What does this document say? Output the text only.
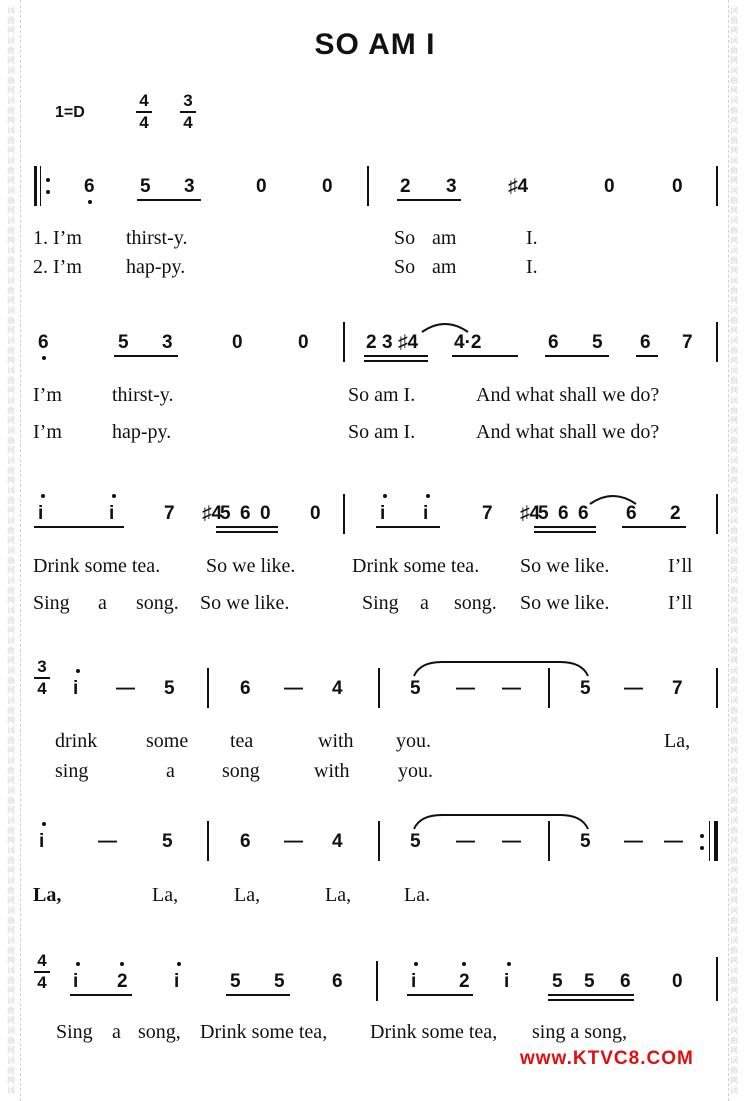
词
曲
网
词
曲
网
词
曲
网
词
曲
网
词
曲
网
词
曲
网
词
曲
网
词
曲
网
词
曲
网
词
曲
网
词
曲
网
词
曲
网
词
曲
网
词
曲
网
词
曲
网
词
曲
网
词
曲
网
词
曲
网
词
曲
网
词
曲
网
词
曲
网
词
曲
网
词
曲
网
词
曲
网
词
曲
网
词
曲
网
词
曲
网
词
曲
网
词
曲
网
词
曲
网
词
曲
网
词
曲
网
词
曲
网
词
曲
网
词
曲
网
词
曲
网
词
词
曲
网
词
曲
网
词
曲
网
词
曲
网
词
曲
网
词
曲
网
词
曲
网
词
曲
网
词
曲
网
词
曲
网
词
曲
网
词
曲
网
词
曲
网
词
曲
网
词
曲
网
词
曲
网
词
曲
网
词
曲
网
词
曲
网
词
曲
网
词
曲
网
词
曲
网
词
曲
网
词
曲
网
词
曲
网
词
曲
网
词
曲
网
词
曲
网
词
曲
网
词
曲
网
词
曲
网
词
曲
网
词
曲
网
词
曲
网
词
曲
网
词
曲
网
词
SO AM I
1=D
4
4
3
4
6 5 3	0	0	2 3	♯4	0	0
1. I’m thirst-y.	So am	I.
2. I’m hap-py.	So am	I.
6	5 3	0	0	2 3 ♯4 4·2	6 5 6 7
I’m	thirst-y.	So am I.	And what shall we do?
I’m	hap-py.	So am I.	And what shall we do?
i	i	7 ♯4
5 6 0 0	i i	7 ♯4
5 6 6 6 2
Drink some tea. So we like.	Drink some tea. So we like.	I’ll
Sing a song. So we like.	Sing a song. So we like.	I’ll
3
4 i — 5	6 — 4	5 — —	5 — 7
drink some tea	with you.	La,
sing	a song	with you.
i	— 5	6 — 4	5 — —	5 — —
La,	La,	La,	La,	La.
4
4 i 2 i	5 5 6	i 2 i 5 5 6 0
Sing a song, Drink some tea, Drink some tea, sing a song,
www.KTVC8.COM
